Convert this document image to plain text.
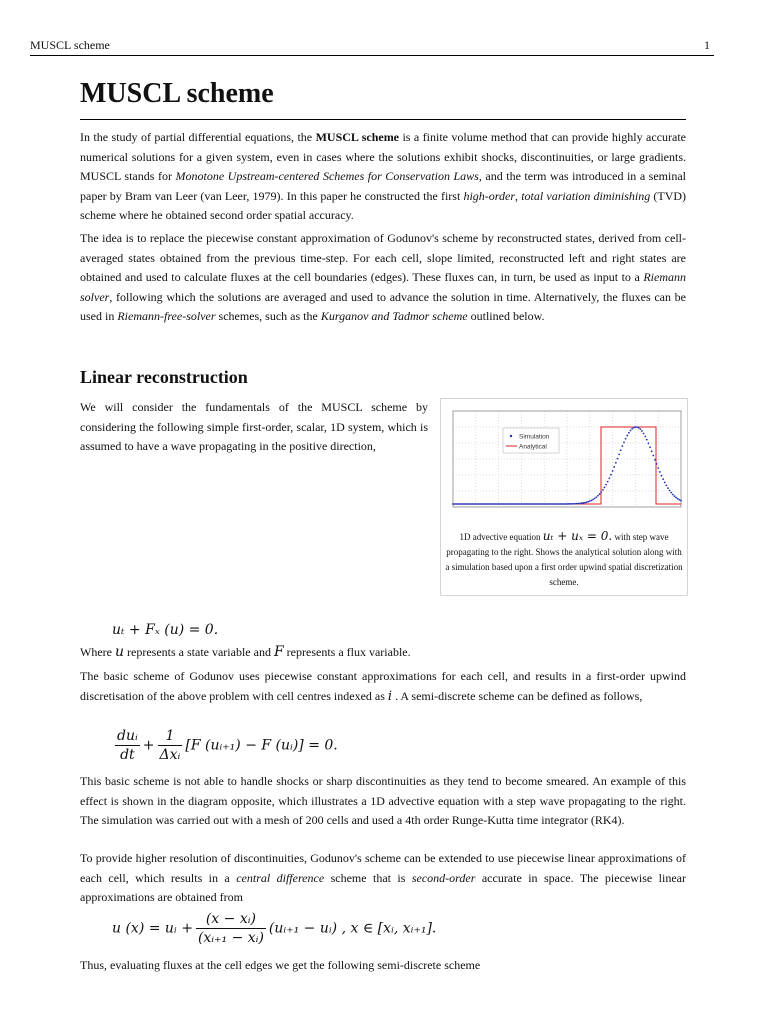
MUSCL scheme	1
MUSCL scheme

In the study of partial differential equations, the MUSCL scheme is a finite volume method that can provide highly accurate numerical solutions for a given system, even in cases where the solutions exhibit shocks, discontinuities, or large gradients. MUSCL stands for Monotone Upstream-centered Schemes for Conservation Laws, and the term was introduced in a seminal paper by Bram van Leer (van Leer, 1979). In this paper he constructed the first high-order, total variation diminishing (TVD) scheme where he obtained second order spatial accuracy.

The idea is to replace the piecewise constant approximation of Godunov's scheme by reconstructed states, derived from cell-averaged states obtained from the previous time-step. For each cell, slope limited, reconstructed left and right states are obtained and used to calculate fluxes at the cell boundaries (edges). These fluxes can, in turn, be used as input to a Riemann solver, following which the solutions are averaged and used to advance the solution in time. Alternatively, the fluxes can be used in Riemann-free-solver schemes, such as the Kurganov and Tadmor scheme outlined below.

Linear reconstruction

We will consider the fundamentals of the MUSCL scheme by considering the following simple first-order, scalar, 1D system, which is assumed to have a wave propagating in the positive direction,

Simulation
Analytical
1D advective equation uₜ + uₓ = 0. with step wave propagating to the right. Shows the analytical solution along with a simulation based upon a first order upwind spatial discretization scheme.
uₜ + Fₓ (u) = 0.

Where u represents a state variable and F represents a flux variable.

The basic scheme of Godunov uses piecewise constant approximations for each cell, and results in a first-order upwind discretisation of the above problem with cell centres indexed as i . A semi-discrete scheme can be defined as follows,

$\frac{\text{duᵢ}}{dt} + \frac{1}{\text{Δxᵢ}} [F$ (uᵢ₊₁) − F (uᵢ)] = 0.

This basic scheme is not able to handle shocks or sharp discontinuities as they tend to become smeared. An example of this effect is shown in the diagram opposite, which illustrates a 1D advective equation with a step wave propagating to the right. The simulation was carried out with a mesh of 200 cells and used a 4th order Runge-Kutta time integrator (RK4).

To provide higher resolution of discontinuities, Godunov's scheme can be extended to use piecewise linear approximations of each cell, which results in a central difference scheme that is second-order accurate in space. The piecewise linear approximations are obtained from

u (x) = uᵢ + $\frac{\text{(x − xᵢ)}}{\text{(xᵢ₊₁ − xᵢ)}}$ (uᵢ₊₁ − uᵢ) , x ∈ [xᵢ, xᵢ₊₁].

Thus, evaluating fluxes at the cell edges we get the following semi-discrete scheme
